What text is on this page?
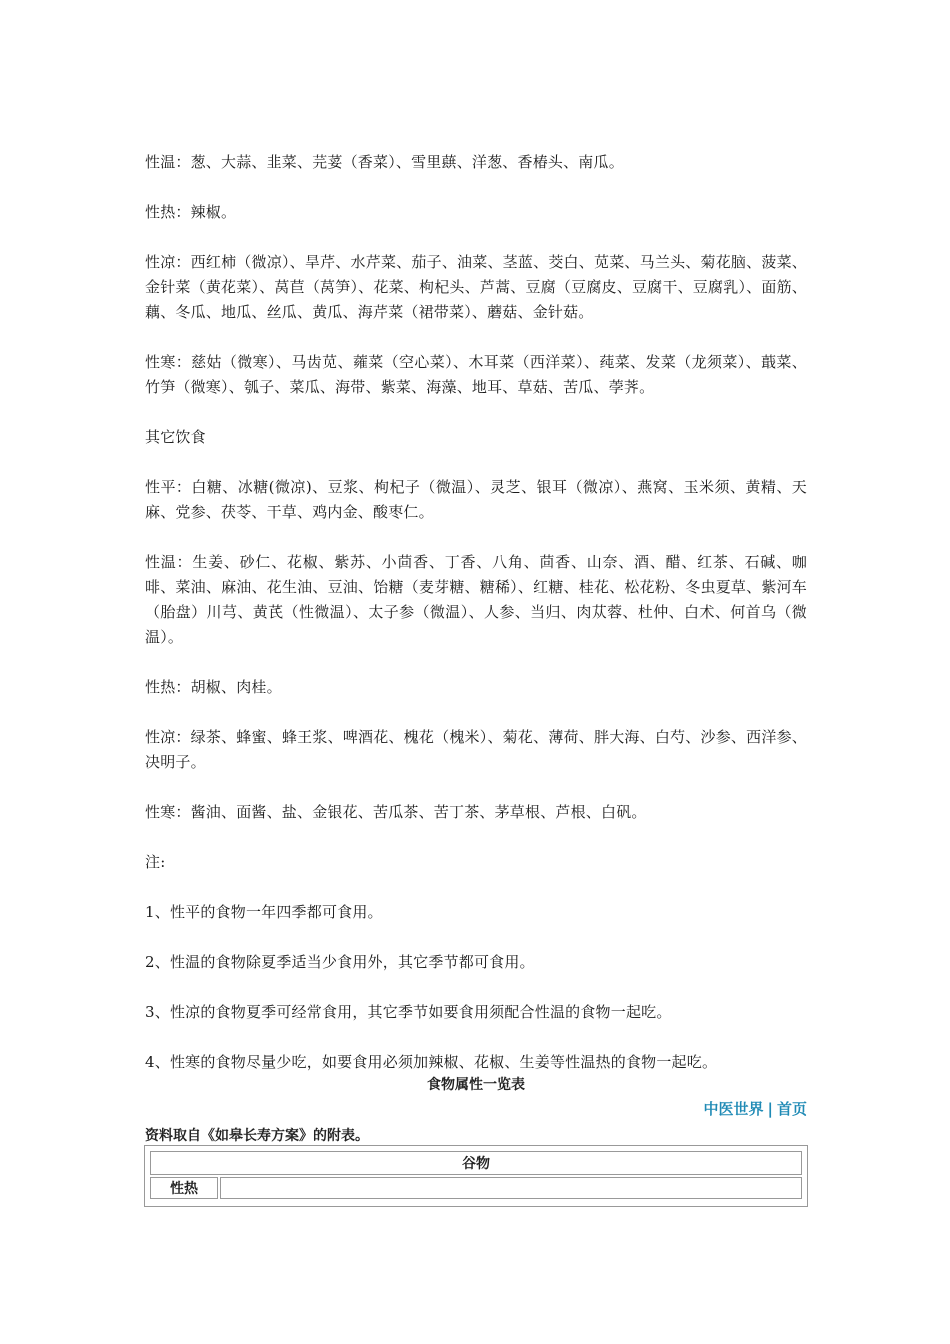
性温：葱、大蒜、韭菜、芫荽（香菜）、雪里蕻、洋葱、香椿头、南瓜。

性热：辣椒。

性凉：西红柿（微凉）、旱芹、水芹菜、茄子、油菜、茎蓝、茭白、苋菜、马兰头、菊花脑、菠菜、金针菜（黄花菜）、莴苣（莴笋）、花菜、枸杞头、芦蒿、豆腐（豆腐皮、豆腐干、豆腐乳）、面筋、藕、冬瓜、地瓜、丝瓜、黄瓜、海芹菜（裙带菜）、蘑菇、金针菇。

性寒：慈姑（微寒）、马齿苋、蕹菜（空心菜）、木耳菜（西洋菜）、莼菜、发菜（龙须菜）、蕺菜、竹笋（微寒）、瓠子、菜瓜、海带、紫菜、海藻、地耳、草菇、苦瓜、荸荠。

其它饮食

性平：白糖、冰糖(微凉)、豆浆、枸杞子（微温）、灵芝、银耳（微凉）、燕窝、玉米须、黄精、天麻、党参、茯苓、干草、鸡内金、酸枣仁。

性温：生姜、砂仁、花椒、紫苏、小茴香、丁香、八角、茴香、山奈、酒、醋、红茶、石碱、咖啡、菜油、麻油、花生油、豆油、饴糖（麦芽糖、糖稀）、红糖、桂花、松花粉、冬虫夏草、紫河车（胎盘）川芎、黄芪（性微温）、太子参（微温）、人参、当归、肉苁蓉、杜仲、白术、何首乌（微温）。

性热：胡椒、肉桂。

性凉：绿茶、蜂蜜、蜂王浆、啤酒花、槐花（槐米）、菊花、薄荷、胖大海、白芍、沙参、西洋参、决明子。

性寒：酱油、面酱、盐、金银花、苦瓜茶、苦丁茶、茅草根、芦根、白矾。

注:

1、性平的食物一年四季都可食用。

2、性温的食物除夏季适当少食用外，其它季节都可食用。

3、性凉的食物夏季可经常食用，其它季节如要食用须配合性温的食物一起吃。

4、性寒的食物尽量少吃，如要食用必须加辣椒、花椒、生姜等性温热的食物一起吃。

食物属性一览表
中医世界 | 首页
资料取自《如皋长寿方案》的附表。
谷物
性热	
